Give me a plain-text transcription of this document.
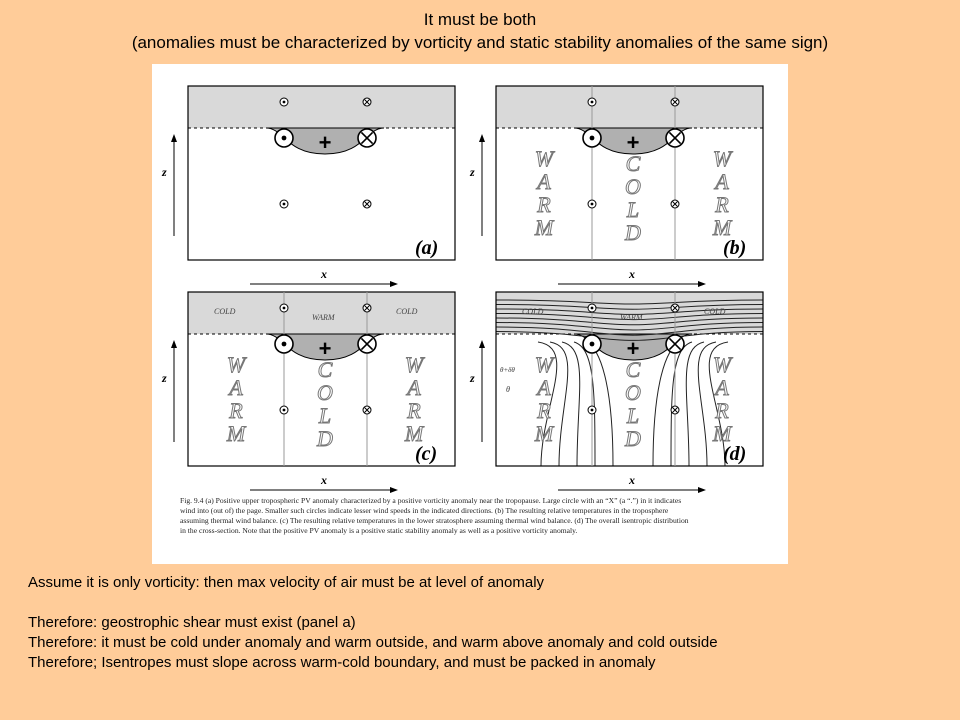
It must be both
(anomalies must be characterized by vorticity and static stability anomalies of the same sign)
+
z
x
(a)
W
A
R
M
C
O
L
D
W
A
R
M
+
z
x
(b)
W
A
R
M
C
O
L
D
W
A
R
M
COLD
WARM
COLD
+
z
x
(c)
θ+δθ
θ
W
A
R
M
C
O
L
D
W
A
R
M
COLD
WARM
COLD
+
z
x
(d)
Fig. 9.4 (a) Positive upper tropospheric PV anomaly characterized by a positive vorticity anomaly near the tropopause. Large circle with an “X” (a “.”) in it indicates
wind into (out of) the page. Smaller such circles indicate lesser wind speeds in the indicated directions. (b) The resulting relative temperatures in the troposphere
assuming thermal wind balance. (c) The resulting relative temperatures in the lower stratosphere assuming thermal wind balance. (d) The overall isentropic distribution
in the cross-section. Note that the positive PV anomaly is a positive static stability anomaly as well as a positive vorticity anomaly.
Assume it is only vorticity: then max velocity of air must be at level of anomaly
Therefore: geostrophic shear must exist (panel a)
Therefore: it must be cold under anomaly and warm outside, and warm above anomaly and cold outside
Therefore; Isentropes must slope across warm-cold boundary, and must be packed in anomaly
